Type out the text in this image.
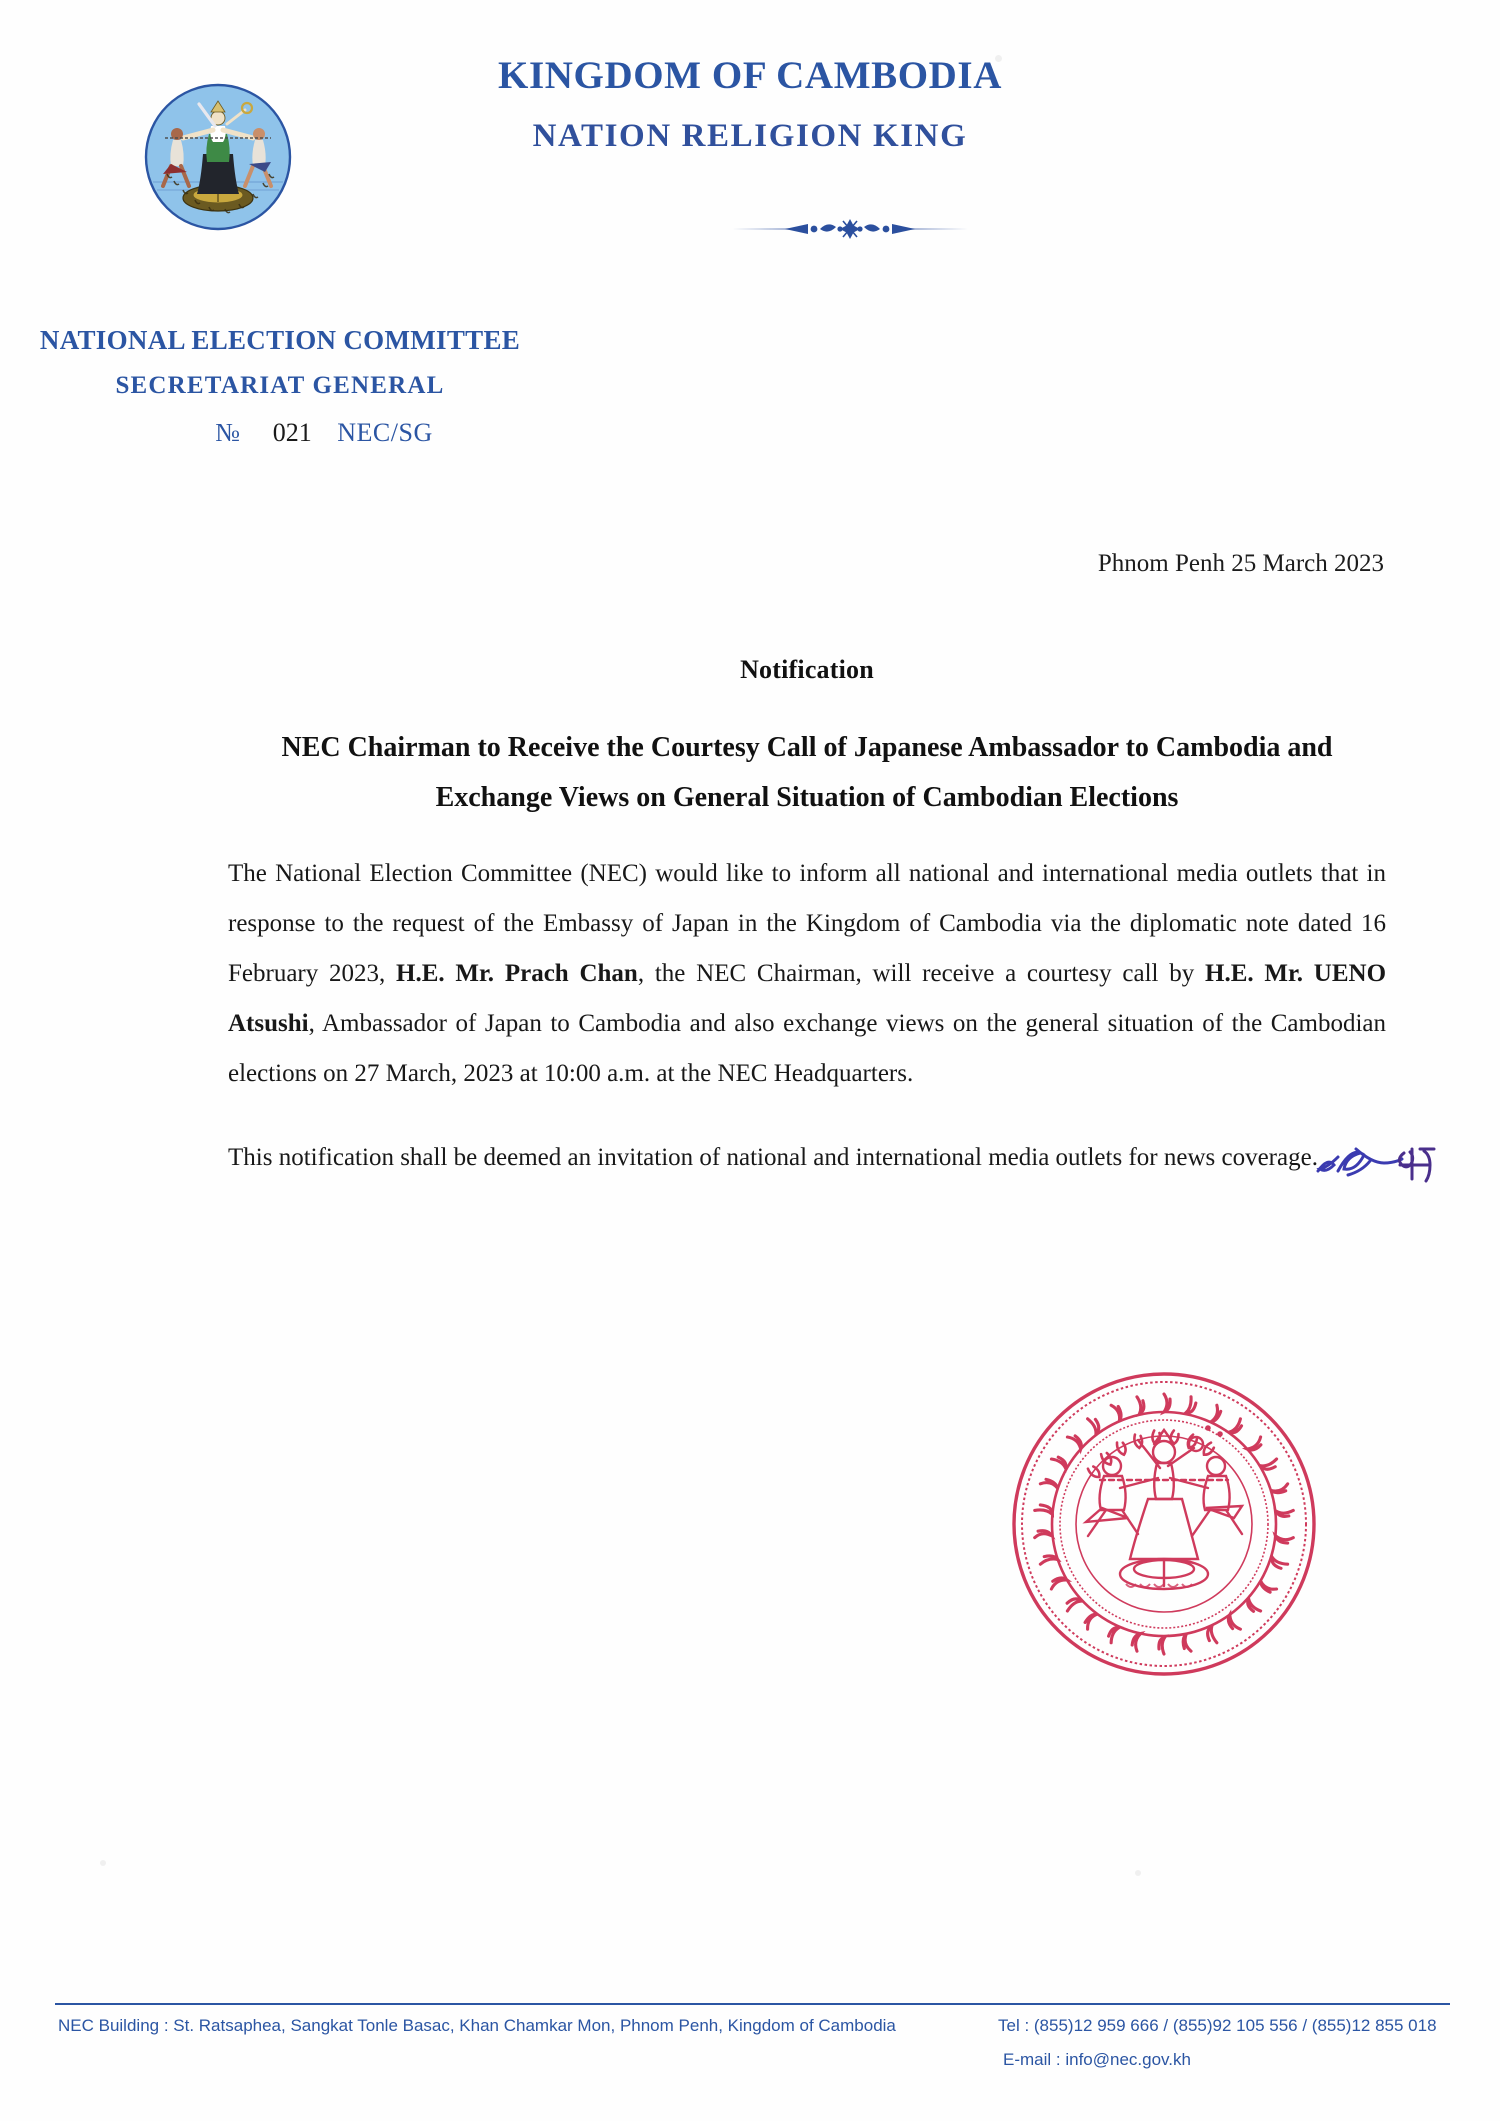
KINGDOM OF CAMBODIA
NATION RELIGION KING
NATIONAL ELECTION COMMITTEE
SECRETARIAT GENERAL
№	021 NEC/SG
Phnom Penh 25 March 2023
Notification
NEC Chairman to Receive the Courtesy Call of Japanese Ambassador to Cambodia and Exchange Views on General Situation of Cambodian Elections
The National Election Committee (NEC) would like to inform all national and international media outlets that in response to the request of the Embassy of Japan in the Kingdom of Cambodia via the diplomatic note dated 16 February 2023, H.E. Mr. Prach Chan, the NEC Chairman, will receive a courtesy call by H.E. Mr. UENO Atsushi, Ambassador of Japan to Cambodia and also exchange views on the general situation of the Cambodian elections on 27 March, 2023 at 10:00 a.m. at the NEC Headquarters.
This notification shall be deemed an invitation of national and international media outlets for news coverage.
NEC Building : St. Ratsaphea, Sangkat Tonle Basac, Khan Chamkar Mon, Phnom Penh, Kingdom of Cambodia	Tel : (855)12 959 666 / (855)92 105 556 / (855)12 855 018
E-mail : info@nec.gov.kh
